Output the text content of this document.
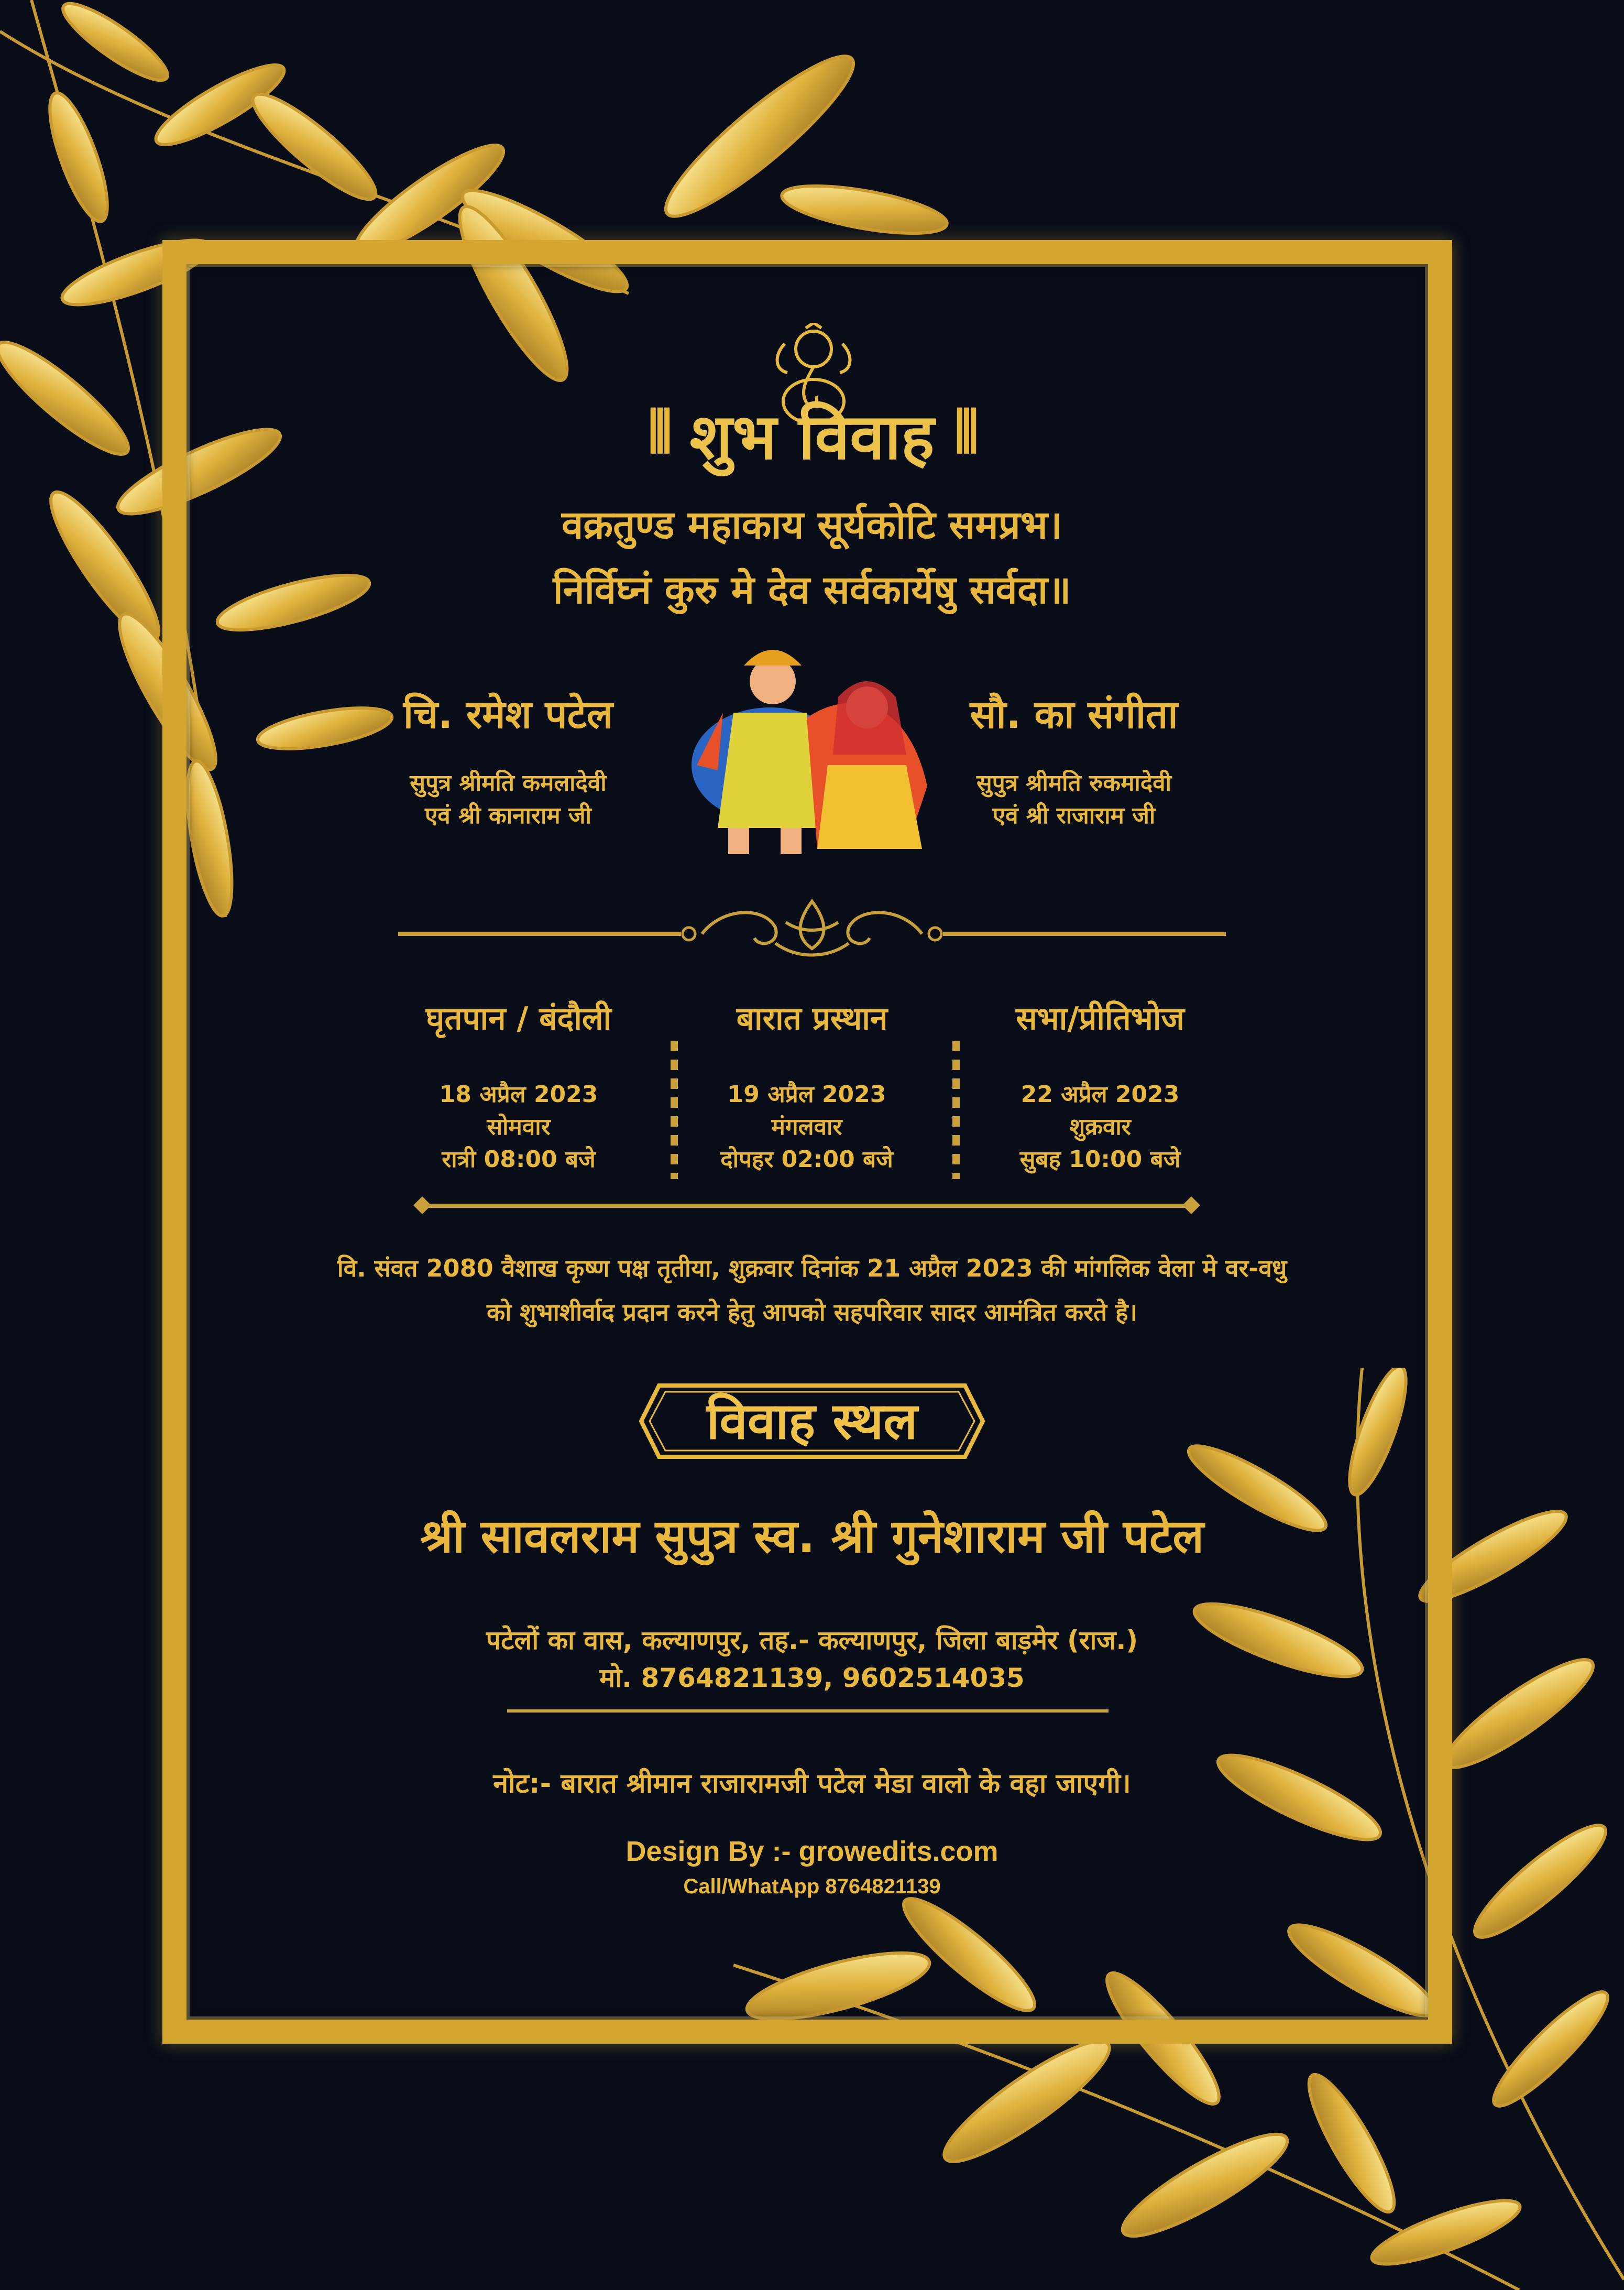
शुभ विवाह
⦀	⦀
वक्रतुण्ड महाकाय सूर्यकोटि समप्रभ।
निर्विघ्नं कुरु मे देव सर्वकार्येषु सर्वदा॥
चि. रमेश पटेल
सुपुत्र श्रीमति कमलादेवी
एवं श्री कानाराम जी
सौ. का संगीता
सुपुत्र श्रीमति रुकमादेवी
एवं श्री राजाराम जी
घृतपान / बंदौली
18 अप्रैल 2023
सोमवार
रात्री 08:00 बजे
बारात प्रस्थान
19 अप्रैल 2023
मंगलवार
दोपहर 02:00 बजे
सभा/प्रीतिभोज
22 अप्रैल 2023
शुक्रवार
सुबह 10:00 बजे
वि. संवत 2080 वैशाख कृष्ण पक्ष तृतीया, शुक्रवार दिनांक 21 अप्रैल 2023 की मांगलिक वेला मे वर-वधु
को शुभाशीर्वाद प्रदान करने हेतु आपको सहपरिवार सादर आमंत्रित करते है।
विवाह स्थल
श्री सावलराम सुपुत्र स्व. श्री गुनेशाराम जी पटेल
पटेलों का वास, कल्याणपुर, तह.- कल्याणपुर, जिला बाड़मेर (राज.)
मो. 8764821139, 9602514035
नोट:- बारात श्रीमान राजारामजी पटेल मेडा वालो के वहा जाएगी।
Design By :- growedits.com
Call/WhatApp 8764821139
